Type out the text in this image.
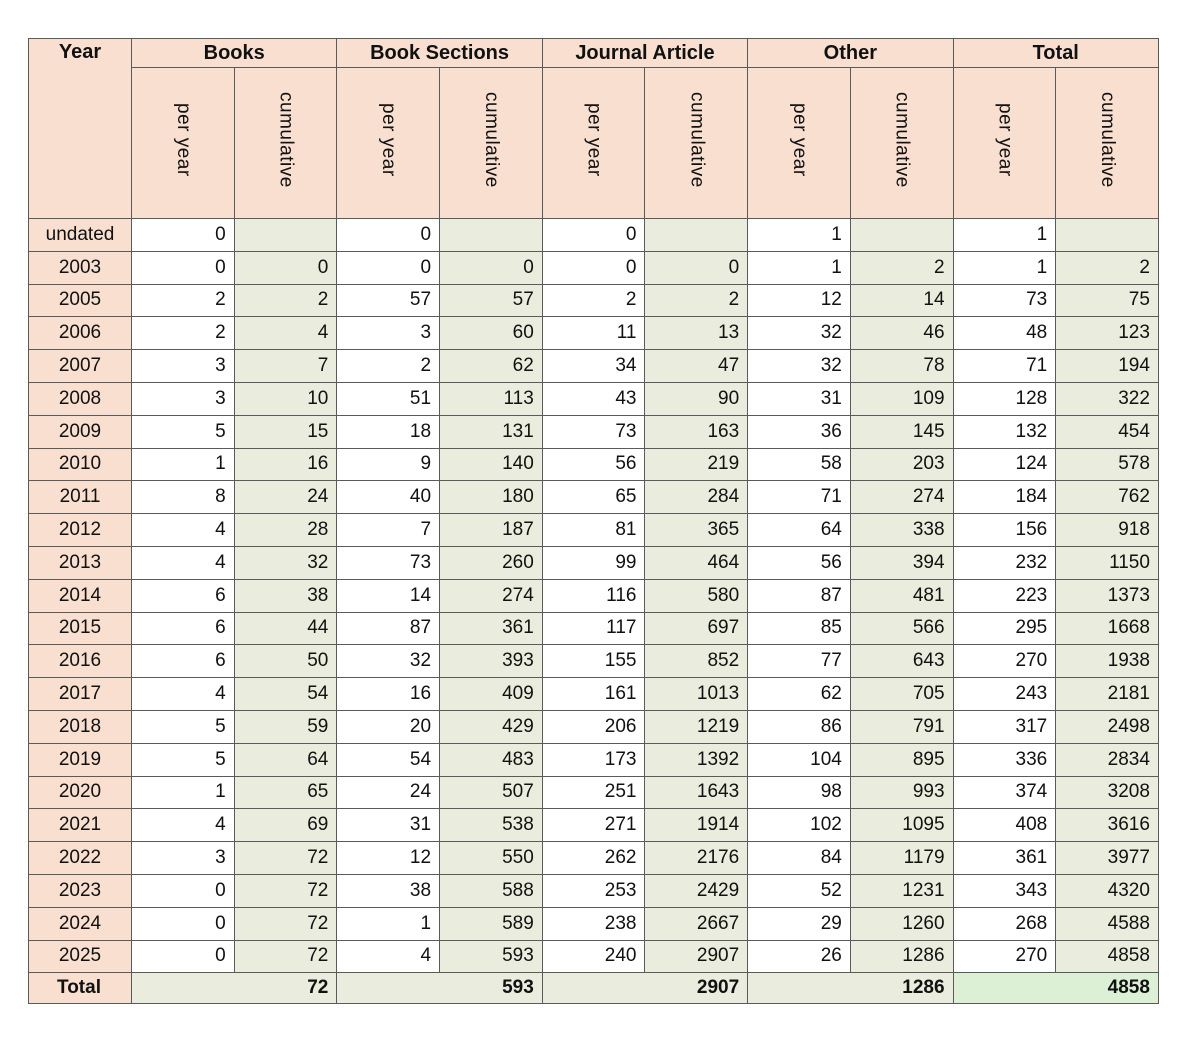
Year	Books		Book Sections		Journal Article		Other		Total	
	per year	cumulative	per year	cumulative	per year	cumulative	per year	cumulative	per year	cumulative
undated	0		0		0		1		1	
2003	0	0	0	0	0	0	1	2	1	2
2005	2	2	57	57	2	2	12	14	73	75
2006	2	4	3	60	11	13	32	46	48	123
2007	3	7	2	62	34	47	32	78	71	194
2008	3	10	51	113	43	90	31	109	128	322
2009	5	15	18	131	73	163	36	145	132	454
2010	1	16	9	140	56	219	58	203	124	578
2011	8	24	40	180	65	284	71	274	184	762
2012	4	28	7	187	81	365	64	338	156	918
2013	4	32	73	260	99	464	56	394	232	1150
2014	6	38	14	274	116	580	87	481	223	1373
2015	6	44	87	361	117	697	85	566	295	1668
2016	6	50	32	393	155	852	77	643	270	1938
2017	4	54	16	409	161	1013	62	705	243	2181
2018	5	59	20	429	206	1219	86	791	317	2498
2019	5	64	54	483	173	1392	104	895	336	2834
2020	1	65	24	507	251	1643	98	993	374	3208
2021	4	69	31	538	271	1914	102	1095	408	3616
2022	3	72	12	550	262	2176	84	1179	361	3977
2023	0	72	38	588	253	2429	52	1231	343	4320
2024	0	72	1	589	238	2667	29	1260	268	4588
2025	0	72	4	593	240	2907	26	1286	270	4858
Total	72		593		2907		1286		4858	
